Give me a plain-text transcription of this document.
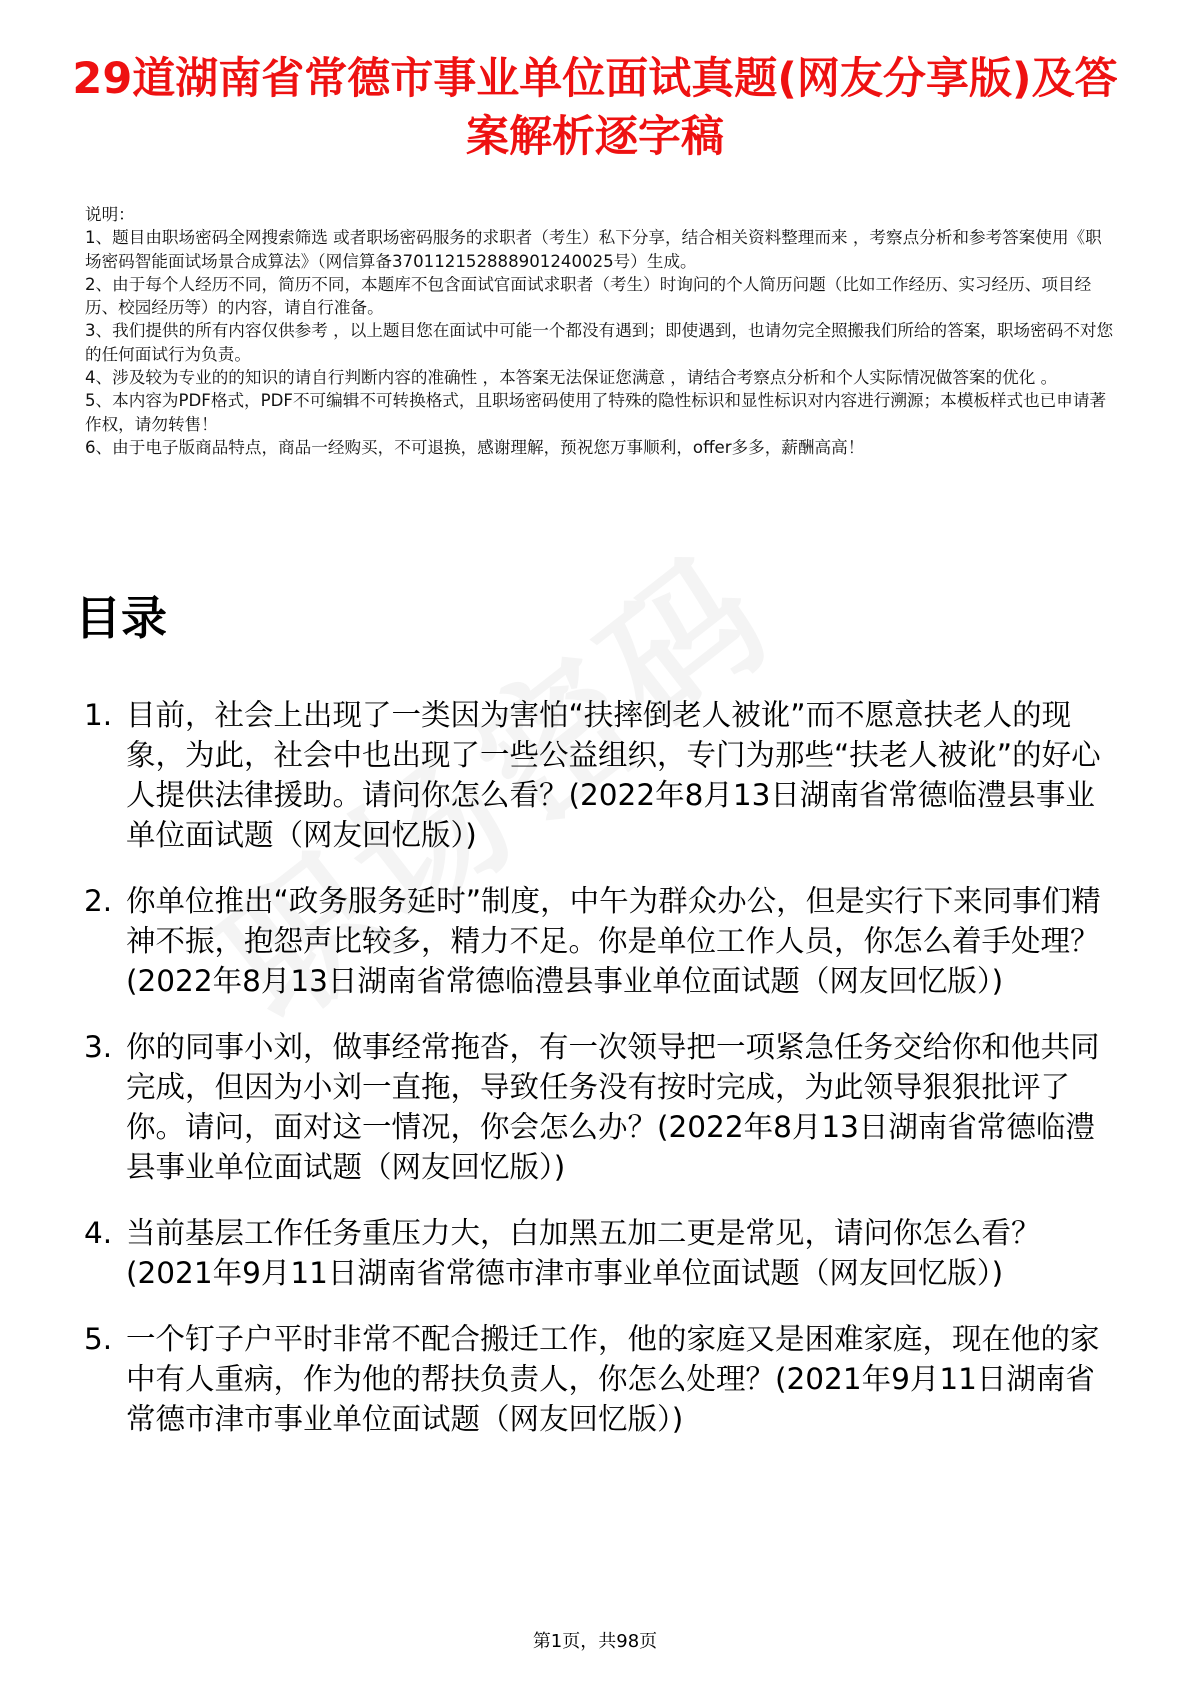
29道湖南省常德市事业单位面试真题(网友分享版)及答案解析逐字稿

说明：

1、题目由职场密码全网搜索筛选 或者职场密码服务的求职者（考生）私下分享，结合相关资料整理而来 ，考察点分析和参考答案使用《职场密码智能面试场景合成算法》（网信算备370112152888901240025号）生成。

2、由于每个人经历不同，简历不同，本题库不包含面试官面试求职者（考生）时询问的个人简历问题（比如工作经历、实习经历、项目经历、校园经历等）的内容，请自行准备。

3、我们提供的所有内容仅供参考 ，以上题目您在面试中可能一个都没有遇到；即使遇到，也请勿完全照搬我们所给的答案，职场密码不对您的任何面试行为负责。

4、涉及较为专业的的知识的请自行判断内容的准确性 ，本答案无法保证您满意 ，请结合考察点分析和个人实际情况做答案的优化 。

5、本内容为PDF格式，PDF不可编辑不可转换格式，且职场密码使用了特殊的隐性标识和显性标识对内容进行溯源；本模板样式也已申请著作权，请勿转售！

6、由于电子版商品特点，商品一经购买，不可退换，感谢理解，预祝您万事顺利，offer多多，薪酬高高！

目录
1. 目前，社会上出现了一类因为害怕“扶摔倒老人被讹”而不愿意扶老人的现象，为此，社会中也出现了一些公益组织，专门为那些“扶老人被讹”的好心人提供法律援助。请问你怎么看？(2022年8月13日湖南省常德临澧县事业单位面试题（网友回忆版）)
2. 你单位推出“政务服务延时”制度，中午为群众办公，但是实行下来同事们精神不振，抱怨声比较多，精力不足。你是单位工作人员，你怎么着手处理？(2022年8月13日湖南省常德临澧县事业单位面试题（网友回忆版）)
3. 你的同事小刘，做事经常拖沓，有一次领导把一项紧急任务交给你和他共同完成，但因为小刘一直拖，导致任务没有按时完成，为此领导狠狠批评了你。请问，面对这一情况，你会怎么办？(2022年8月13日湖南省常德临澧县事业单位面试题（网友回忆版）)
4. 当前基层工作任务重压力大，白加黑五加二更是常见，请问你怎么看？(2021年9月11日湖南省常德市津市事业单位面试题（网友回忆版）)
5. 一个钉子户平时非常不配合搬迁工作，他的家庭又是困难家庭，现在他的家中有人重病，作为他的帮扶负责人，你怎么处理？(2021年9月11日湖南省常德市津市事业单位面试题（网友回忆版）)
第1页，共98页
